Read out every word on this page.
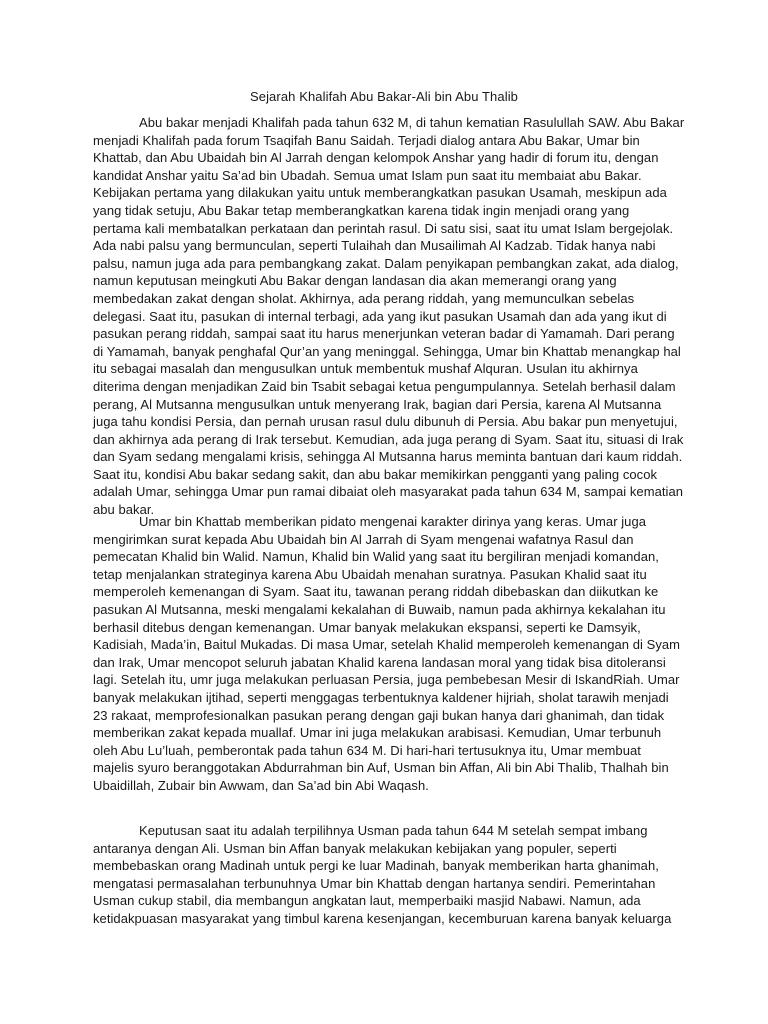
Sejarah Khalifah Abu Bakar-Ali bin Abu Thalib
Abu bakar menjadi Khalifah pada tahun 632 M, di tahun kematian Rasulullah SAW. Abu Bakar
menjadi Khalifah pada forum Tsaqifah Banu Saidah. Terjadi dialog antara Abu Bakar, Umar bin
Khattab, dan Abu Ubaidah bin Al Jarrah dengan kelompok Anshar yang hadir di forum itu, dengan
kandidat Anshar yaitu Sa’ad bin Ubadah. Semua umat Islam pun saat itu membaiat abu Bakar.
Kebijakan pertama yang dilakukan yaitu untuk memberangkatkan pasukan Usamah, meskipun ada
yang tidak setuju, Abu Bakar tetap memberangkatkan karena tidak ingin menjadi orang yang
pertama kali membatalkan perkataan dan perintah rasul. Di satu sisi, saat itu umat Islam bergejolak.
Ada nabi palsu yang bermunculan, seperti Tulaihah dan Musailimah Al Kadzab. Tidak hanya nabi
palsu, namun juga ada para pembangkang zakat. Dalam penyikapan pembangkan zakat, ada dialog,
namun keputusan meingkuti Abu Bakar dengan landasan dia akan memerangi orang yang
membedakan zakat dengan sholat. Akhirnya, ada perang riddah, yang memunculkan sebelas
delegasi. Saat itu, pasukan di internal terbagi, ada yang ikut pasukan Usamah dan ada yang ikut di
pasukan perang riddah, sampai saat itu harus menerjunkan veteran badar di Yamamah. Dari perang
di Yamamah, banyak penghafal Qur’an yang meninggal. Sehingga, Umar bin Khattab menangkap hal
itu sebagai masalah dan mengusulkan untuk membentuk mushaf Alquran. Usulan itu akhirnya
diterima dengan menjadikan Zaid bin Tsabit sebagai ketua pengumpulannya. Setelah berhasil dalam
perang, Al Mutsanna mengusulkan untuk menyerang Irak, bagian dari Persia, karena Al Mutsanna
juga tahu kondisi Persia, dan pernah urusan rasul dulu dibunuh di Persia. Abu bakar pun menyetujui,
dan akhirnya ada perang di Irak tersebut. Kemudian, ada juga perang di Syam. Saat itu, situasi di Irak
dan Syam sedang mengalami krisis, sehingga Al Mutsanna harus meminta bantuan dari kaum riddah.
Saat itu, kondisi Abu bakar sedang sakit, dan abu bakar memikirkan pengganti yang paling cocok
adalah Umar, sehingga Umar pun ramai dibaiat oleh masyarakat pada tahun 634 M, sampai kematian
abu bakar.
Umar bin Khattab memberikan pidato mengenai karakter dirinya yang keras. Umar juga
mengirimkan surat kepada Abu Ubaidah bin Al Jarrah di Syam mengenai wafatnya Rasul dan
pemecatan Khalid bin Walid. Namun, Khalid bin Walid yang saat itu bergiliran menjadi komandan,
tetap menjalankan strateginya karena Abu Ubaidah menahan suratnya. Pasukan Khalid saat itu
memperoleh kemenangan di Syam. Saat itu, tawanan perang riddah dibebaskan dan diikutkan ke
pasukan Al Mutsanna, meski mengalami kekalahan di Buwaib, namun pada akhirnya kekalahan itu
berhasil ditebus dengan kemenangan. Umar banyak melakukan ekspansi, seperti ke Damsyik,
Kadisiah, Mada’in, Baitul Mukadas. Di masa Umar, setelah Khalid memperoleh kemenangan di Syam
dan Irak, Umar mencopot seluruh jabatan Khalid karena landasan moral yang tidak bisa ditoleransi
lagi. Setelah itu, umr juga melakukan perluasan Persia, juga pembebesan Mesir di IskandRiah. Umar
banyak melakukan ijtihad, seperti menggagas terbentuknya kaldener hijriah, sholat tarawih menjadi
23 rakaat, memprofesionalkan pasukan perang dengan gaji bukan hanya dari ghanimah, dan tidak
memberikan zakat kepada muallaf. Umar ini juga melakukan arabisasi. Kemudian, Umar terbunuh
oleh Abu Lu’luah, pemberontak pada tahun 634 M. Di hari-hari tertusuknya itu, Umar membuat
majelis syuro beranggotakan Abdurrahman bin Auf, Usman bin Affan, Ali bin Abi Thalib, Thalhah bin
Ubaidillah, Zubair bin Awwam, dan Sa’ad bin Abi Waqash.
Keputusan saat itu adalah terpilihnya Usman pada tahun 644 M setelah sempat imbang
antaranya dengan Ali. Usman bin Affan banyak melakukan kebijakan yang populer, seperti
membebaskan orang Madinah untuk pergi ke luar Madinah, banyak memberikan harta ghanimah,
mengatasi permasalahan terbunuhnya Umar bin Khattab dengan hartanya sendiri. Pemerintahan
Usman cukup stabil, dia membangun angkatan laut, memperbaiki masjid Nabawi. Namun, ada
ketidakpuasan masyarakat yang timbul karena kesenjangan, kecemburuan karena banyak keluarga
